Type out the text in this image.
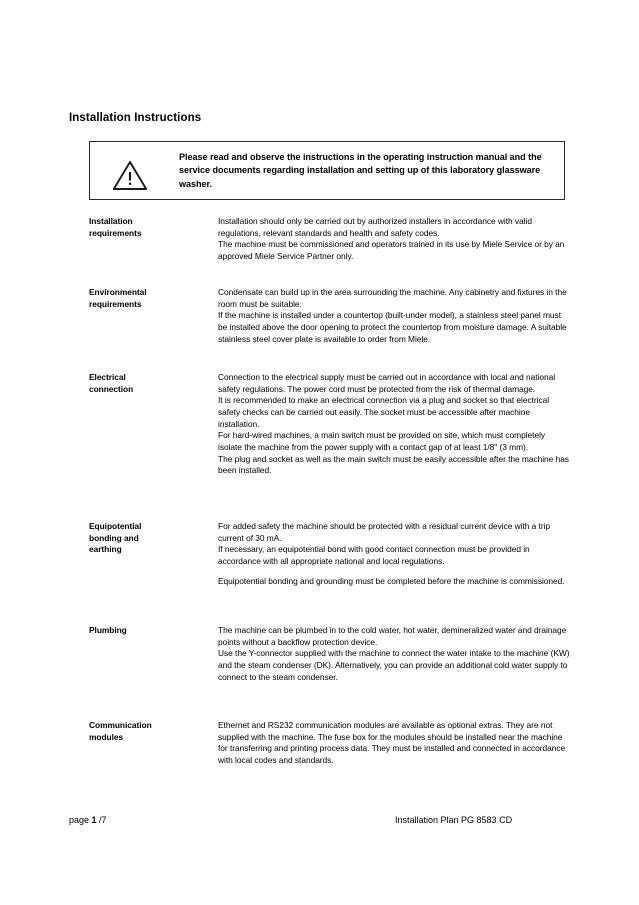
Installation Instructions
Please read and observe the instructions in the operating instruction manual and the service documents regarding installation and setting up of this laboratory glassware washer.
Installation
requirements

Installation should only be carried out by authorized installers in accordance with valid regulations, relevant standards and health and safety codes.

The machine must be commissioned and operators trained in its use by Miele Service or by an approved Miele Service Partner only.

Environmental
requirements

Condensate can build up in the area surrounding the machine. Any cabinetry and fixtures in the room must be suitable.

If the machine is installed under a countertop (built-under model), a stainless steel panel must be installed above the door opening to protect the countertop from moisture damage. A suitable stainless steel cover plate is available to order from Miele.

Electrical
connection

Connection to the electrical supply must be carried out in accordance with local and national safety regulations. The power cord must be protected from the risk of thermal damage.

It is recommended to make an electrical connection via a plug and socket so that electrical safety checks can be carried out easily. The socket must be accessible after machine installation.

For hard-wired machines, a main switch must be provided on site, which must completely isolate the machine from the power supply with a contact gap of at least 1/8" (3 mm).

The plug and socket as well as the main switch must be easily accessible after the machine has been installed.

Equipotential
bonding and
earthing

For added safety the machine should be protected with a residual current device with a trip current of 30 mA.

If necessary, an equipotential bond with good contact connection must be provided in accordance with all appropriate national and local regulations.

Equipotential bonding and grounding must be completed before the machine is commissioned.

Plumbing	The machine can be plumbed in to the cold water, hot water, demineralized water and drainage points without a backflow protection device.

Use the Y-connector supplied with the machine to connect the water intake to the machine (KW) and the steam condenser (DK). Alternatively, you can provide an additional cold water supply to connect to the steam condenser.

Communication
modules

Ethernet and RS232 communication modules are available as optional extras. They are not supplied with the machine. The fuse box for the modules should be installed near the machine for transferring and printing process data. They must be installed and connected in accordance with local codes and standards.

page 1 /7	Installation Plan PG 8583 CD
